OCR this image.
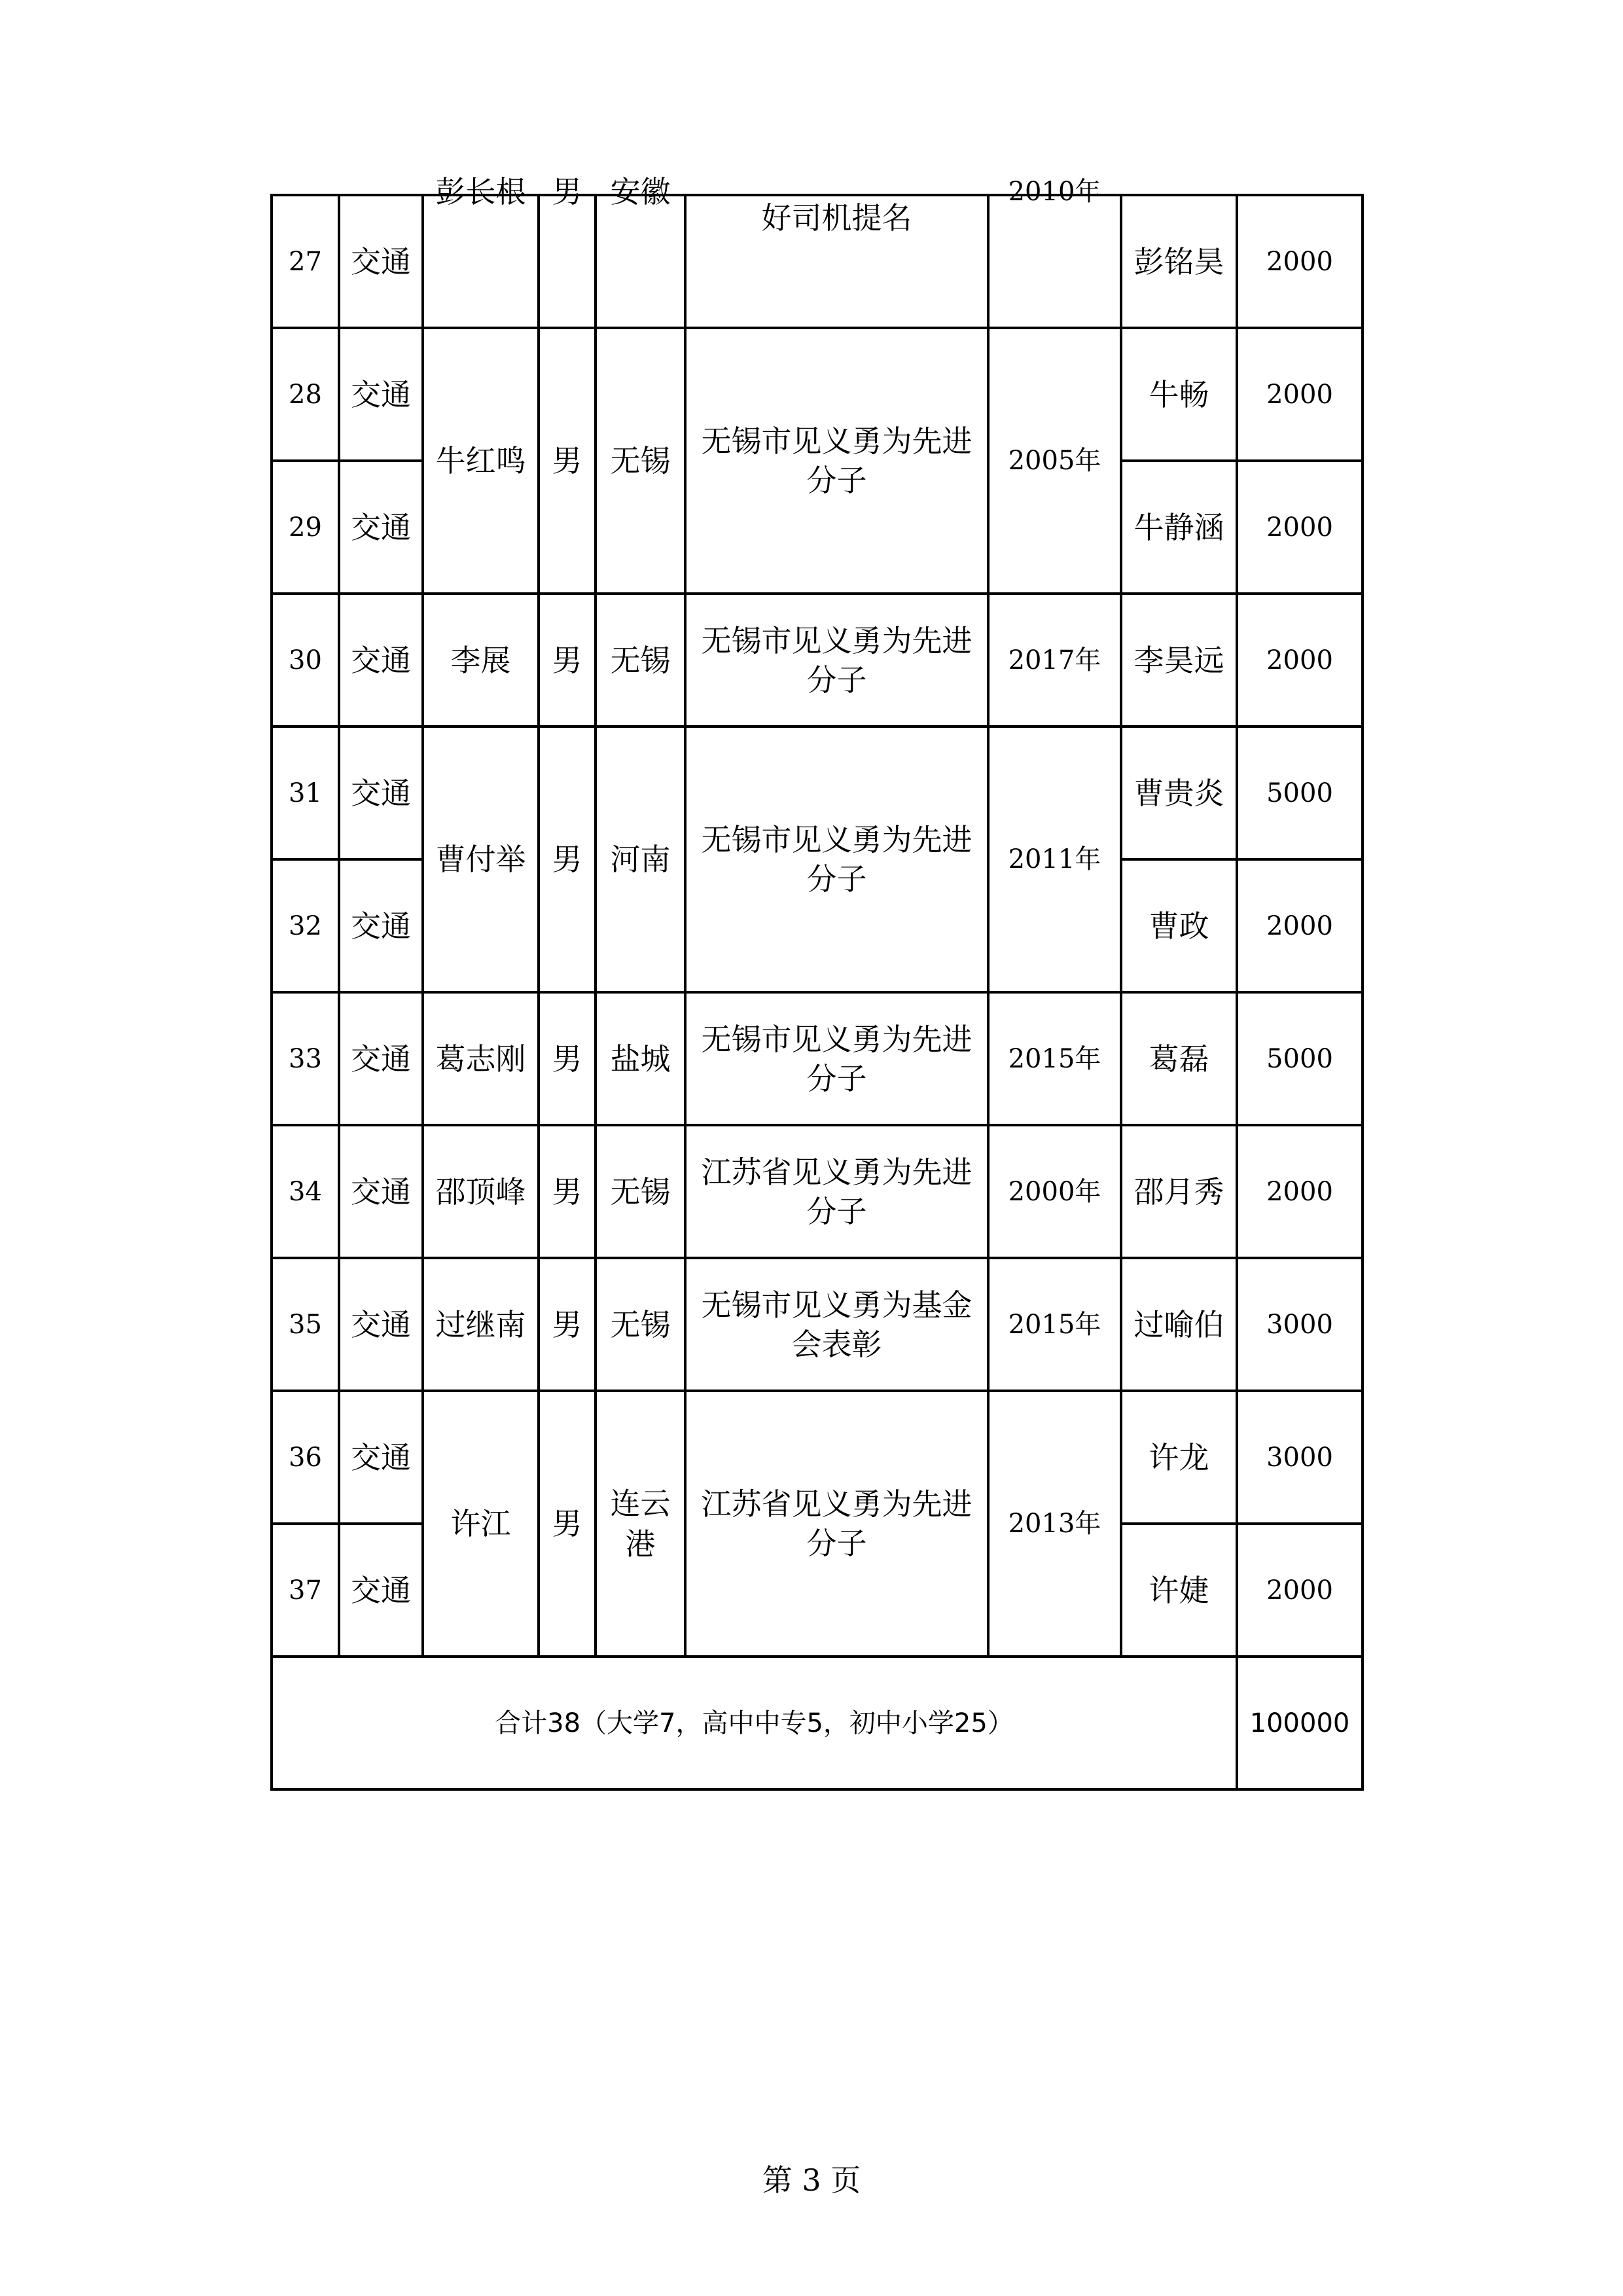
27	交通	彭长根	男	安徽	好司机提名	2010年	彭铭昊	2000
28	交通	牛红鸣	男	无锡	无锡市见义勇为先进分子	2005年	牛畅	2000
29	交通						牛静涵	2000
30	交通	李展	男	无锡	无锡市见义勇为先进分子	2017年	李昊远	2000
31	交通	曹付举	男	河南	无锡市见义勇为先进分子	2011年	曹贵炎	5000
32	交通						曹政	2000
33	交通	葛志刚	男	盐城	无锡市见义勇为先进分子	2015年	葛磊	5000
34	交通	邵顶峰	男	无锡	江苏省见义勇为先进分子	2000年	邵月秀	2000
35	交通	过继南	男	无锡	无锡市见义勇为基金会表彰	2015年	过喻伯	3000
36	交通	许江	男	连云港	江苏省见义勇为先进分子	2013年	许龙	3000
37	交通						许婕	2000
合计38（大学7，高中中专5，初中小学25）								100000
第 3 页
